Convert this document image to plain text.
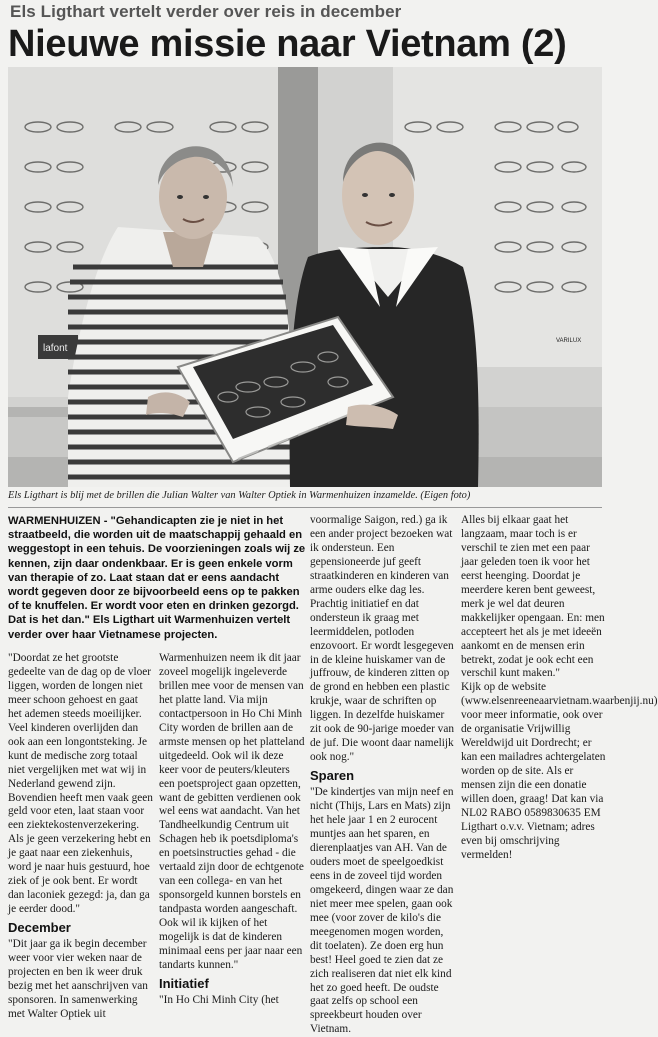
Els Ligthart vertelt verder over reis in december
Nieuwe missie naar Vietnam (2)
lafont
VARILUX
Els Ligthart is blij met de brillen die Julian Walter van Walter Optiek in Warmenhuizen inzamelde. (Eigen foto)
WARMENHUIZEN - "Gehandicapten zie je niet in het straatbeeld, die worden uit de maatschappij gehaald en weggestopt in een tehuis. De voorzieningen zoals wij ze kennen, zijn daar ondenkbaar. Er is geen enkele vorm van therapie of zo. Laat staan dat er eens aandacht wordt gegeven door ze bijvoorbeeld eens op te pakken of te knuffelen. Er wordt voor eten en drinken gezorgd. Dat is het dan." Els Ligthart uit Warmenhuizen vertelt verder over haar Vietnamese projecten.

"Doordat ze het grootste gedeelte van de dag op de vloer liggen, worden de longen niet meer schoon gehoest en gaat het ademen steeds moeilijker. Veel kinderen overlijden dan ook aan een longontsteking. Je kunt de medische zorg totaal niet vergelijken met wat wij in Nederland gewend zijn. Bovendien heeft men vaak geen geld voor eten, laat staan voor een ziektekostenverzekering. Als je geen verzekering hebt en je gaat naar een ziekenhuis, word je naar huis gestuurd, hoe ziek of je ook bent. Er wordt dan laconiek gezegd: ja, dan ga je eerder dood."

December

"Dit jaar ga ik begin december weer voor vier weken naar de projecten en ben ik weer druk bezig met het aanschrijven van sponsoren. In samenwerking met Walter Optiek uit

Warmenhuizen neem ik dit jaar zoveel mogelijk ingeleverde brillen mee voor de mensen van het platte land. Via mijn contactpersoon in Ho Chi Minh City worden de brillen aan de armste mensen op het platteland uitgedeeld. Ook wil ik deze keer voor de peuters/kleuters een poetsproject gaan opzetten, want de gebitten verdienen ook wel eens wat aandacht. Van het Tandheelkundig Centrum uit Schagen heb ik poetsdiploma's en poetsinstructies gehad - die vertaald zijn door de echtgenote van een collega- en van het sponsorgeld kunnen borstels en tandpasta worden aangeschaft. Ook wil ik kijken of het mogelijk is dat de kinderen minimaal eens per jaar naar een tandarts kunnen."

Initiatief

"In Ho Chi Minh City (het

voormalige Saigon, red.) ga ik een ander project bezoeken wat ik ondersteun. Een gepensioneerde juf geeft straatkinderen en kinderen van arme ouders elke dag les. Prachtig initiatief en dat ondersteun ik graag met leermiddelen, potloden enzovoort. Er wordt lesgegeven in de kleine huiskamer van de juffrouw, de kinderen zitten op de grond en hebben een plastic krukje, waar de schriften op liggen. In dezelfde huiskamer zit ook de 90-jarige moeder van de juf. Die woont daar namelijk ook nog."

Sparen

"De kindertjes van mijn neef en nicht (Thijs, Lars en Mats) zijn het hele jaar 1 en 2 eurocent muntjes aan het sparen, en dierenplaatjes van AH. Van de ouders moet de speelgoedkist eens in de zoveel tijd worden omgekeerd, dingen waar ze dan niet meer mee spelen, gaan ook mee (voor zover de kilo's die meegenomen mogen worden, dit toelaten). Ze doen erg hun best! Heel goed te zien dat ze zich realiseren dat niet elk kind het zo goed heeft. De oudste gaat zelfs op school een spreekbeurt houden over Vietnam.

Alles bij elkaar gaat het langzaam, maar toch is er verschil te zien met een paar jaar geleden toen ik voor het eerst heenging. Doordat je meerdere keren bent geweest, merk je wel dat deuren makkelijker opengaan. En: men accepteert het als je met ideeën aankomt en de mensen erin betrekt, zodat je ook echt een verschil kunt maken."

Kijk op de website (www.elsenreeneaarvietnam.waarbenjij.nu) voor meer informatie, ook over de organisatie Vrijwillig Wereldwijd uit Dordrecht; er kan een mailadres achtergelaten worden op de site. Als er mensen zijn die een donatie willen doen, graag! Dat kan via NL02 RABO 0589830635 EM Ligthart o.v.v. Vietnam; adres even bij omschrijving vermelden!
